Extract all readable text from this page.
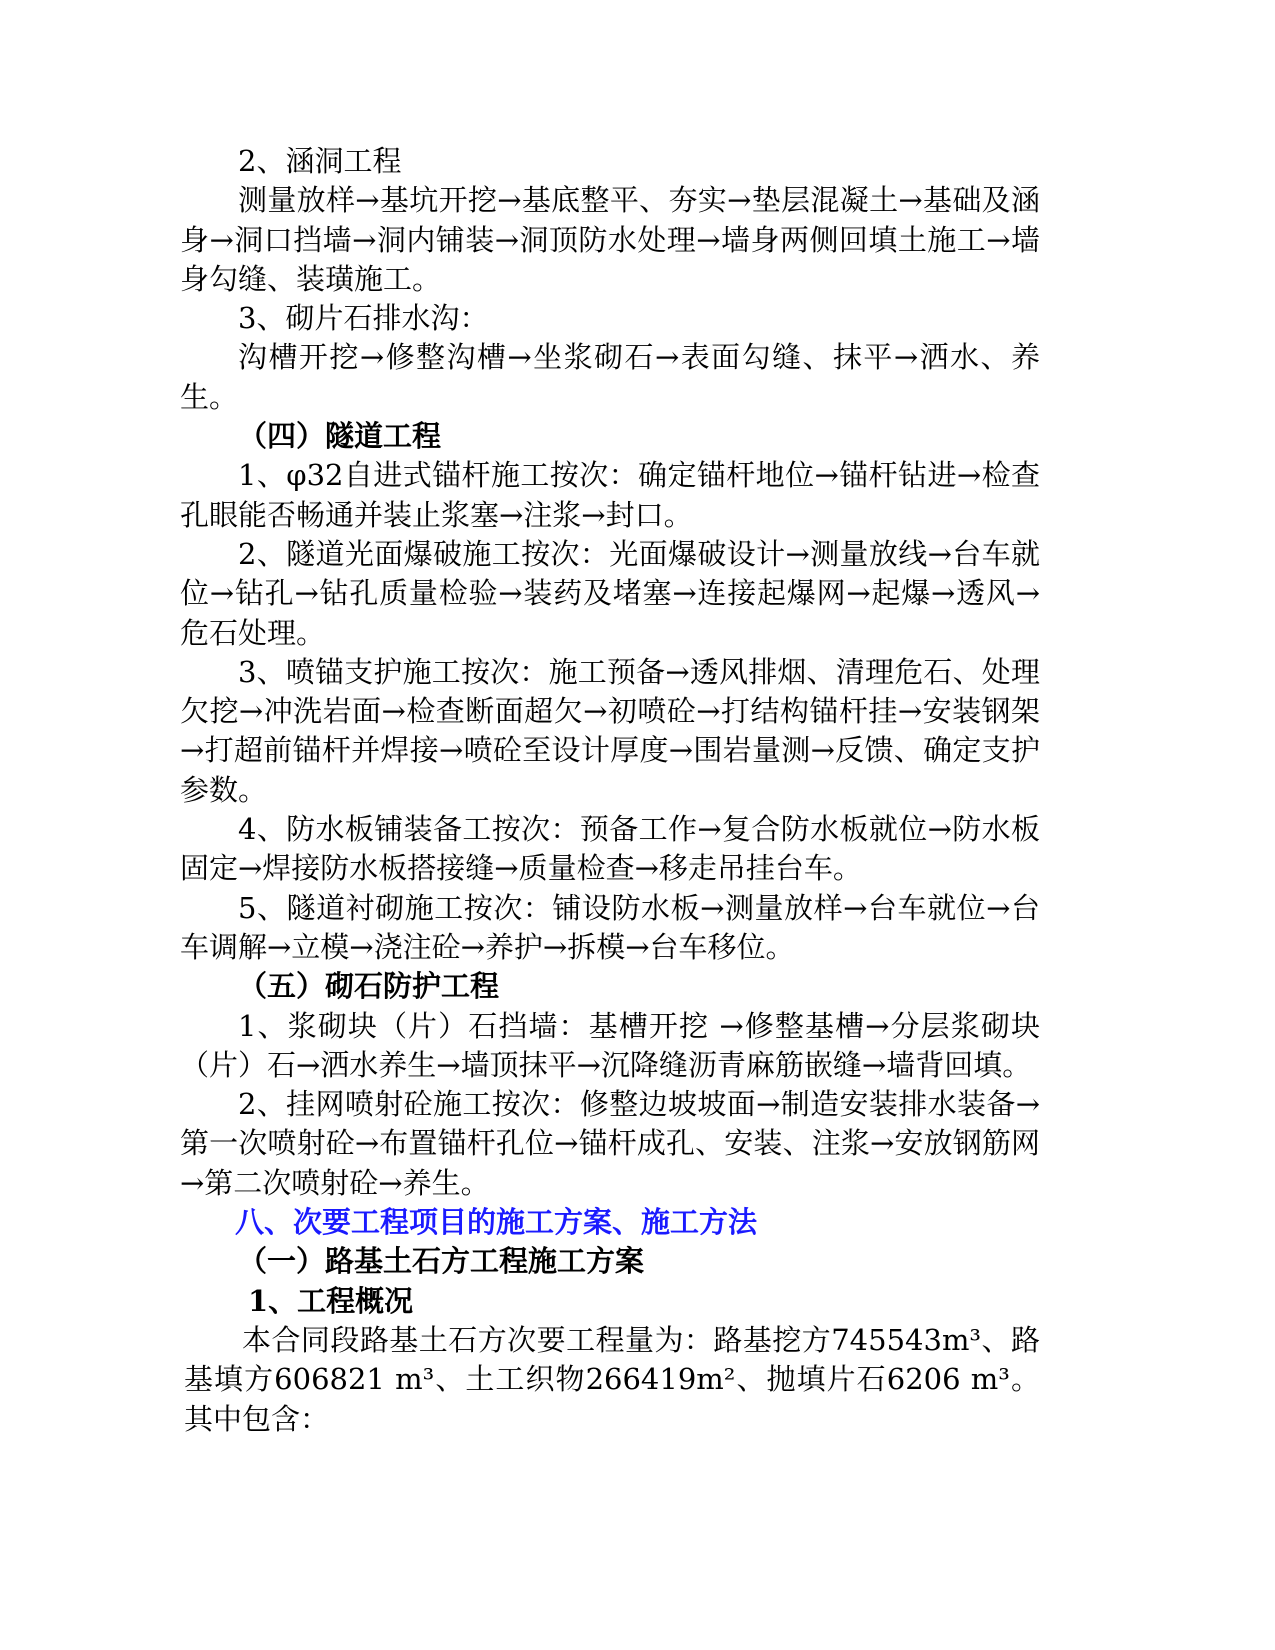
2、涵洞工程

测量放样→基坑开挖→基底整平、夯实→垫层混凝土→基础及涵身→洞口挡墙→洞内铺装→洞顶防水处理→墙身两侧回填土施工→墙身勾缝、装璜施工。

3、砌片石排水沟：

沟槽开挖→修整沟槽→坐浆砌石→表面勾缝、抹平→洒水、养生。

（四）隧道工程

1、φ32自进式锚杆施工按次：确定锚杆地位→锚杆钻进→检查孔眼能否畅通并装止浆塞→注浆→封口。

2、隧道光面爆破施工按次：光面爆破设计→测量放线→台车就位→钻孔→钻孔质量检验→装药及堵塞→连接起爆网→起爆→透风→危石处理。

3、喷锚支护施工按次：施工预备→透风排烟、清理危石、处理欠挖→冲洗岩面→检查断面超欠→初喷砼→打结构锚杆挂→安装钢架→打超前锚杆并焊接→喷砼至设计厚度→围岩量测→反馈、确定支护参数。

4、防水板铺装备工按次：预备工作→复合防水板就位→防水板固定→焊接防水板搭接缝→质量检查→移走吊挂台车。

5、隧道衬砌施工按次：铺设防水板→测量放样→台车就位→台车调解→立模→浇注砼→养护→拆模→台车移位。

（五）砌石防护工程

1、浆砌块（片）石挡墙：基槽开挖 →修整基槽→分层浆砌块（片）石→洒水养生→墙顶抹平→沉降缝沥青麻筋嵌缝→墙背回填。

2、挂网喷射砼施工按次：修整边坡坡面→制造安装排水装备→第一次喷射砼→布置锚杆孔位→锚杆成孔、安装、注浆→安放钢筋网→第二次喷射砼→养生。

八、次要工程项目的施工方案、施工方法

（一）路基土石方工程施工方案

1、工程概况

本合同段路基土石方次要工程量为：路基挖方745543m³、路基填方606821 m³、土工织物266419m²、抛填片石6206 m³。其中包含：
